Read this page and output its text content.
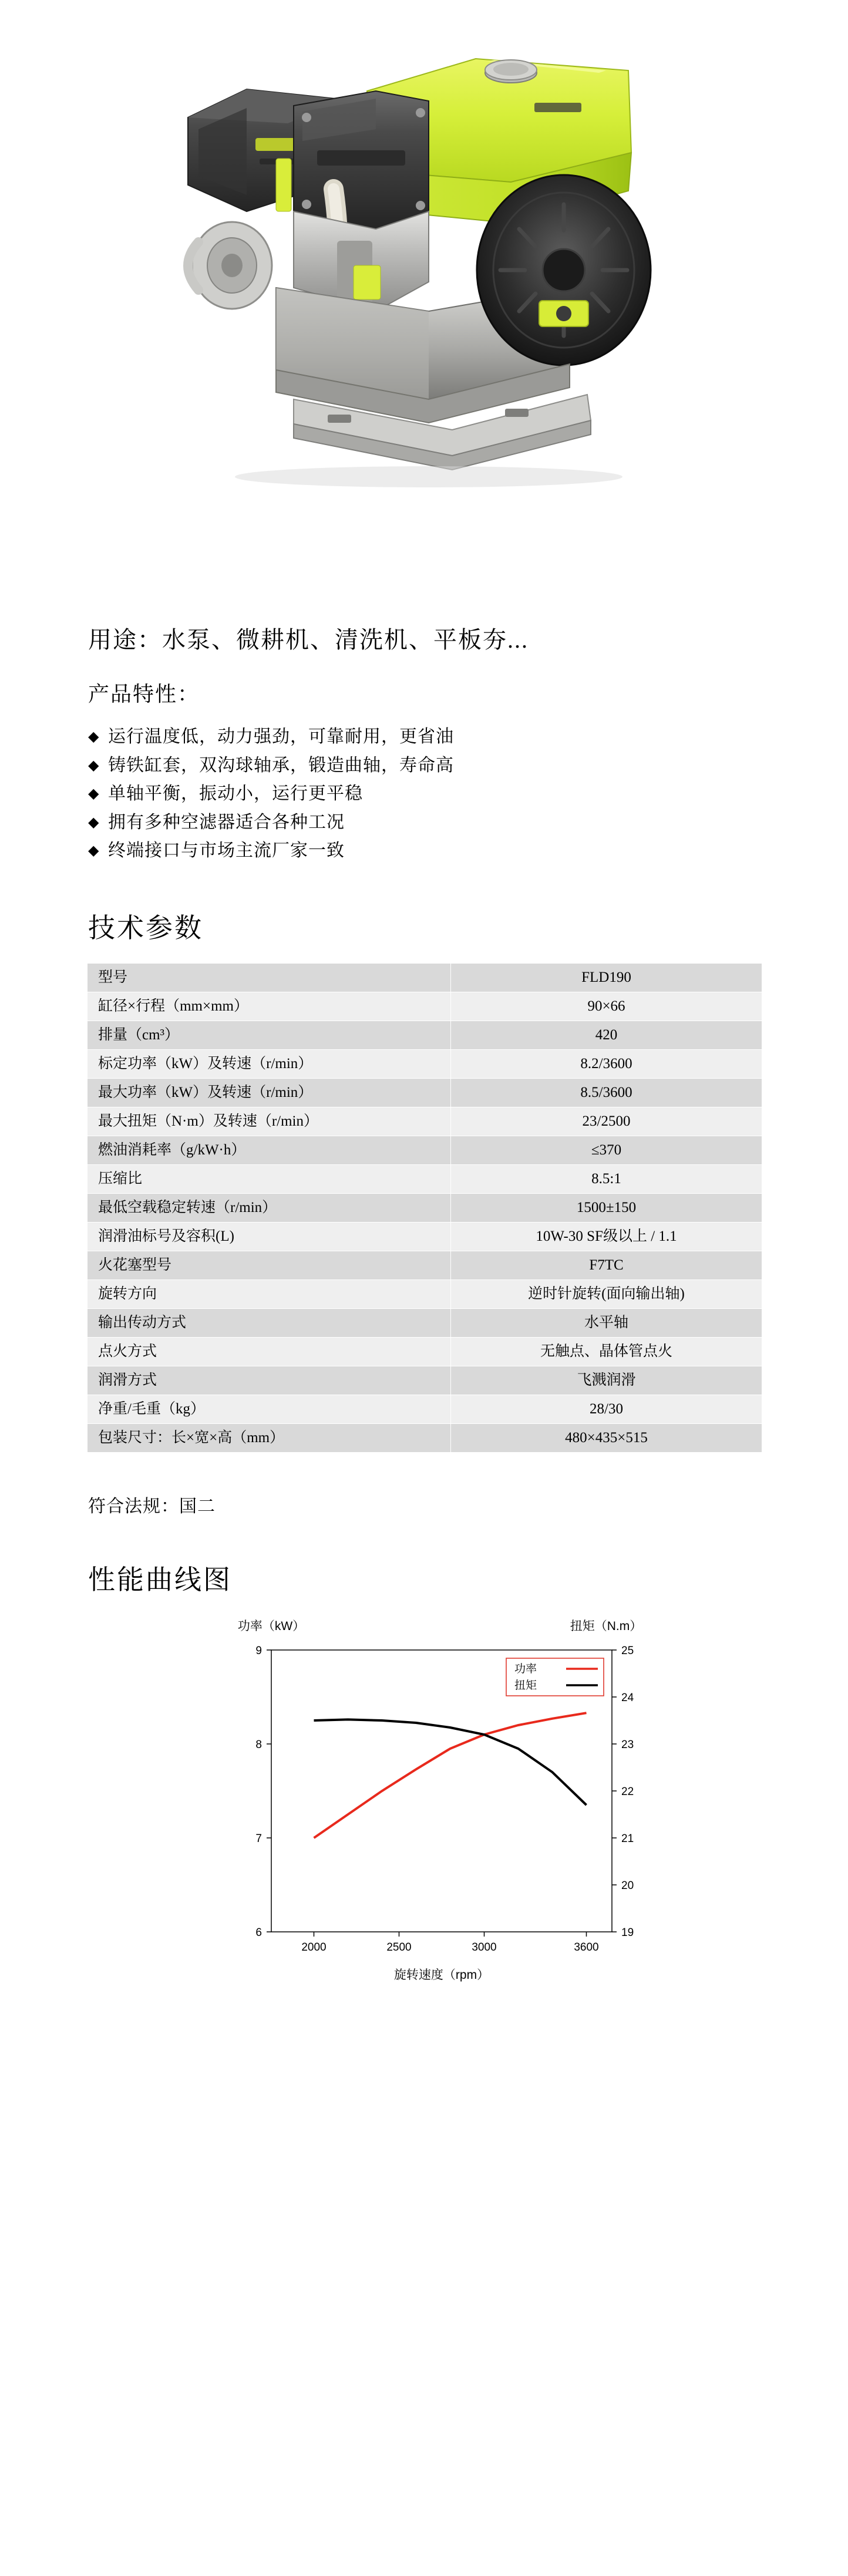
用途：水泵、微耕机、清洗机、平板夯...
产品特性：
◆ 运行温度低，动力强劲，可靠耐用，更省油
◆ 铸铁缸套，双沟球轴承，锻造曲轴，寿命高
◆ 单轴平衡，振动小，运行更平稳
◆ 拥有多种空滤器适合各种工况
◆ 终端接口与市场主流厂家一致
技术参数
型号	FLD190
缸径×行程（mm×mm）	90×66
排量（cm³）	420
标定功率（kW）及转速（r/min）	8.2/3600
最大功率（kW）及转速（r/min）	8.5/3600
最大扭矩（N·m）及转速（r/min）	23/2500
燃油消耗率（g/kW·h）	≤370
压缩比	8.5:1
最低空载稳定转速（r/min）	1500±150
润滑油标号及容积(L)	10W-30 SF级以上 / 1.1
火花塞型号	F7TC
旋转方向	逆时针旋转(面向输出轴)
输出传动方式	水平轴
点火方式	无触点、晶体管点火
润滑方式	飞溅润滑
净重/毛重（kg）	28/30
包装尺寸：长×宽×高（mm）	480×435×515
符合法规：国二
性能曲线图
功率（kW）	扭矩（N.m）
6
7
8
9
19
20
21
22
23
24
25
2000	2500	3000	3600
功率
扭矩
旋转速度（rpm）
